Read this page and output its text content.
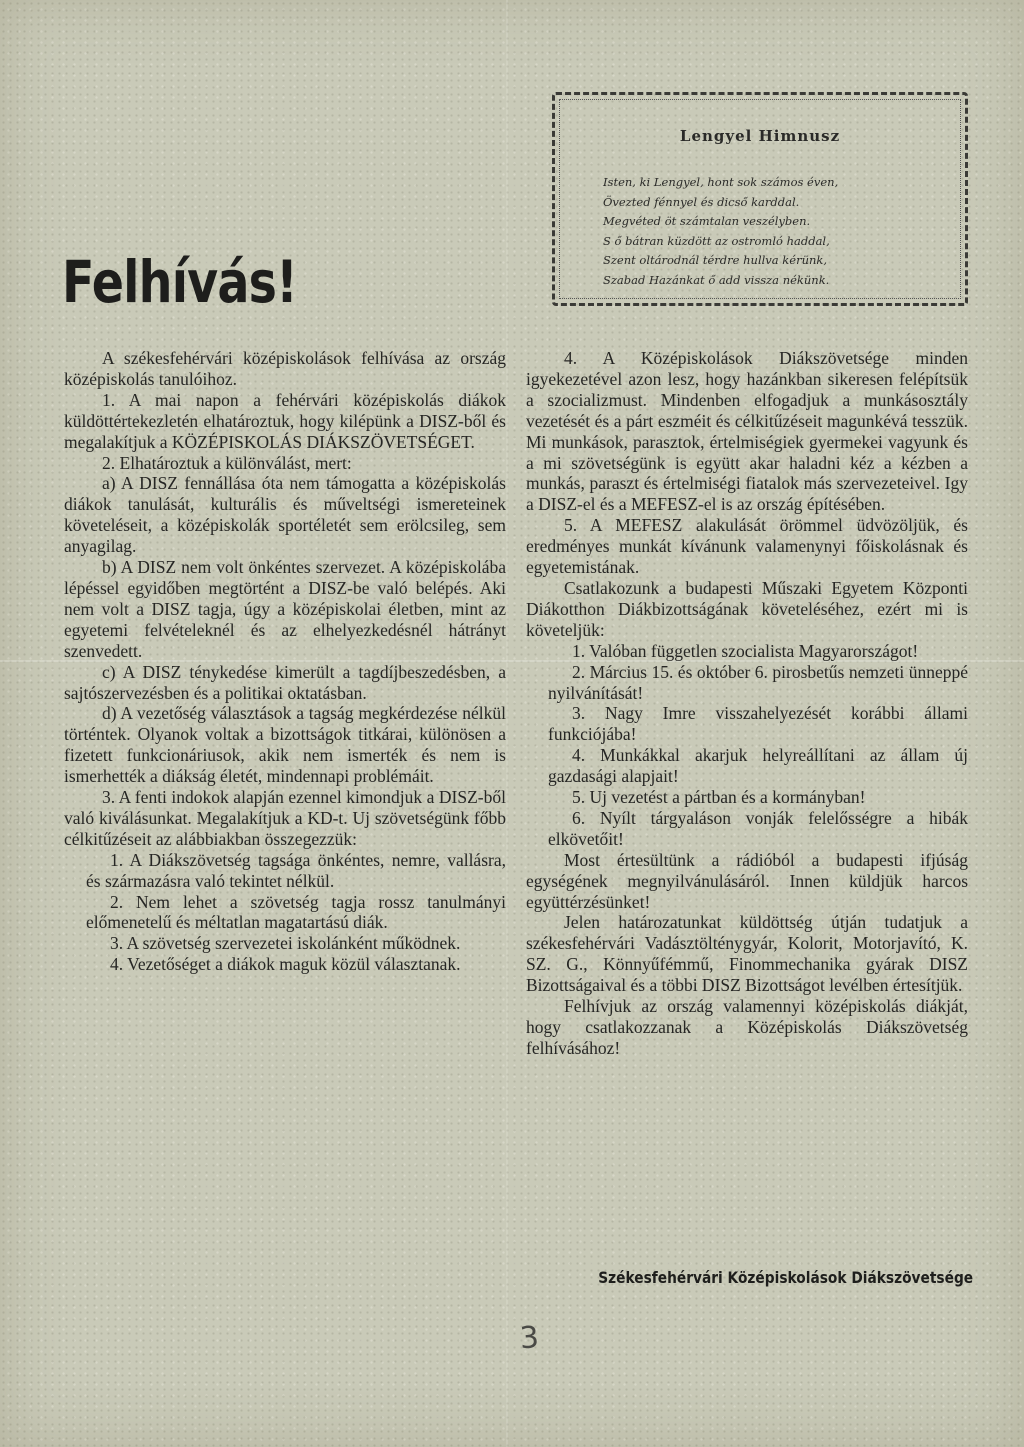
Felhívás!
Lengyel Himnusz
Isten, ki Lengyel, hont sok számos éven,
Övezted fénnyel és dicső karddal.
Megvéted öt számtalan veszélyben.
S ő bátran küzdött az ostromló haddal,
Szent oltárodnál térdre hullva kérünk,
Szabad Hazánkat ő add vissza nékünk.

A székesfehérvári középiskolások felhívása az ország középiskolás tanulóihoz.

1. A mai napon a fehérvári középiskolás diákok küldöttértekezletén elhatároztuk, hogy kilépünk a DISZ-ből és megalakítjuk a KÖZÉPISKOLÁS DIÁKSZÖVETSÉGET.

2. Elhatároztuk a különválást, mert:

a) A DISZ fennállása óta nem támogatta a középiskolás diákok tanulását, kulturális és műveltségi ismereteinek követeléseit, a középiskolák sportéletét sem erölcsileg, sem anyagilag.

b) A DISZ nem volt önkéntes szervezet. A középiskolába lépéssel egyidőben megtörtént a DISZ-be való belépés. Aki nem volt a DISZ tagja, úgy a középiskolai életben, mint az egyetemi felvételeknél és az elhelyezkedésnél hátrányt szenvedett.

c) A DISZ ténykedése kimerült a tagdíjbeszedésben, a sajtószervezésben és a politikai oktatásban.

d) A vezetőség választások a tagság megkérdezése nélkül történtek. Olyanok voltak a bizottságok titkárai, különösen a fizetett funkcionáriusok, akik nem ismerték és nem is ismerhették a diákság életét, mindennapi problémáit.

3. A fenti indokok alapján ezennel kimondjuk a DISZ-ből való kiválásunkat. Megalakítjuk a KD-t. Uj szövetségünk főbb célkitűzéseit az alábbiakban összegezzük:

1. A Diákszövetség tagsága önkéntes, nemre, vallásra, és származásra való tekintet nélkül.

2. Nem lehet a szövetség tagja rossz tanulmányi előmenetelű és méltatlan magatartású diák.

3. A szövetség szervezetei iskolánként működnek.

4. Vezetőséget a diákok maguk közül választanak.

4. A Középiskolások Diákszövetsége minden igyekezetével azon lesz, hogy hazánkban sikeresen felépítsük a szocializmust. Mindenben elfogadjuk a munkásosztály vezetését és a párt eszméit és célkitűzéseit magunkévá tesszük. Mi munkások, parasztok, értelmiségiek gyermekei vagyunk és a mi szövetségünk is együtt akar haladni kéz a kézben a munkás, paraszt és értelmiségi fiatalok más szervezeteivel. Igy a DISZ-el és a MEFESZ-el is az ország építésében.

5. A MEFESZ alakulását örömmel üdvözöljük, és eredményes munkát kívánunk valamenynyi főiskolásnak és egyetemistának.

Csatlakozunk a budapesti Műszaki Egyetem Központi Diákotthon Diákbizottságának követeléséhez, ezért mi is követeljük:

1. Valóban független szocialista Magyarországot!

2. Március 15. és október 6. pirosbetűs nemzeti ünneppé nyilvánítását!

3. Nagy Imre visszahelyezését korábbi állami funkciójába!

4. Munkákkal akarjuk helyreállítani az állam új gazdasági alapjait!

5. Uj vezetést a pártban és a kormányban!

6. Nyílt tárgyaláson vonják felelősségre a hibák elkövetőit!

Most értesültünk a rádióból a budapesti ifjúság egységének megnyilvánulásáról. Innen küldjük harcos együttérzésünket!

Jelen határozatunkat küldöttség útján tudatjuk a székesfehérvári Vadásztölténygyár, Kolorit, Motorjavító, K. SZ. G., Könnyűfémmű, Finommechanika gyárak DISZ Bizottságaival és a többi DISZ Bizottságot levélben értesítjük.

Felhívjuk az ország valamennyi középiskolás diákját, hogy csatlakozzanak a Középiskolás Diákszövetség felhívásához!

Székesfehérvári Középiskolások Diákszövetsége
3
